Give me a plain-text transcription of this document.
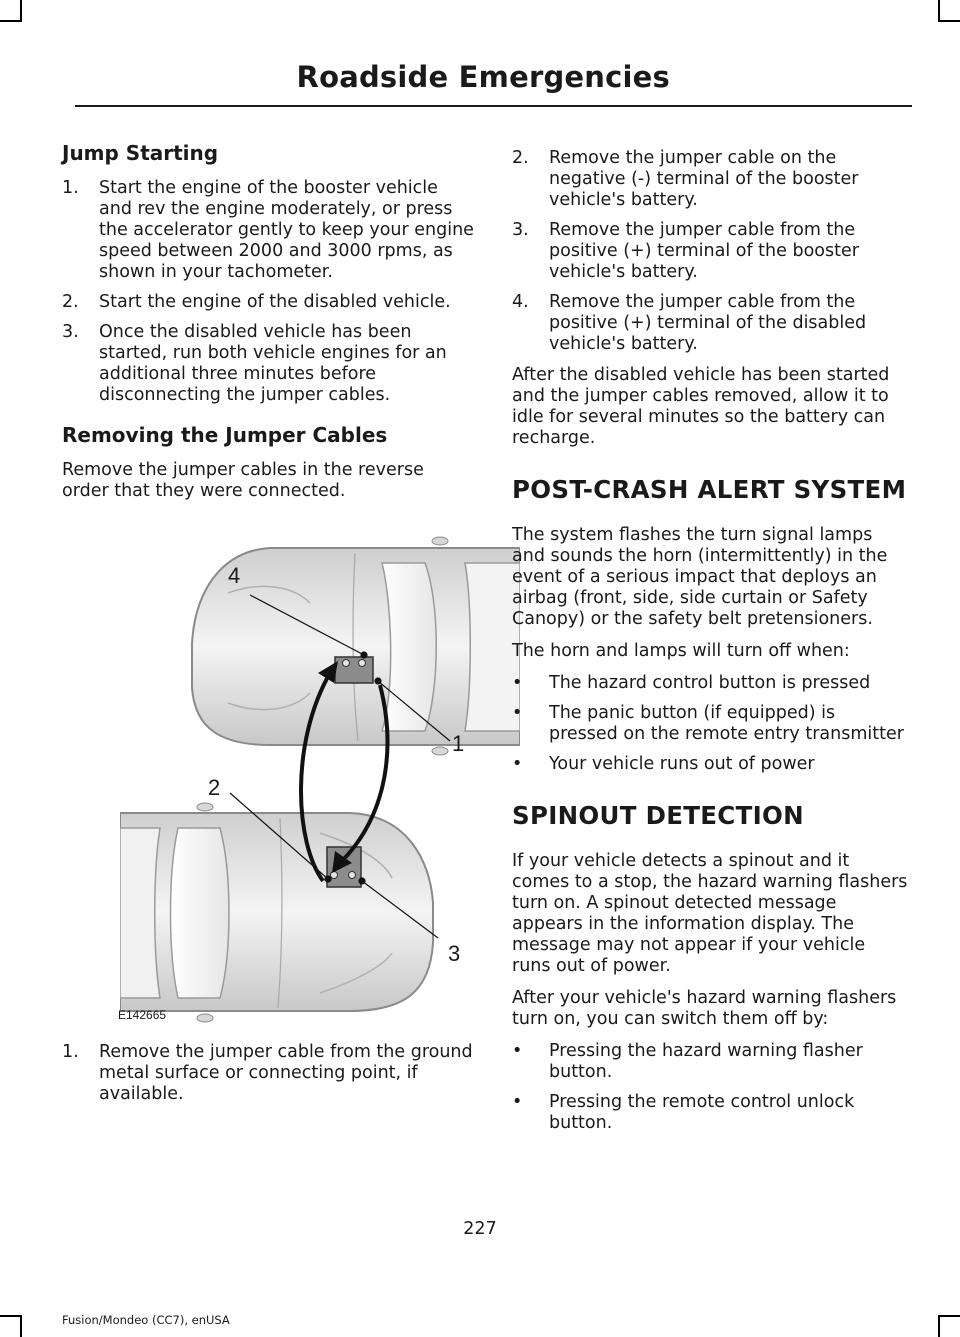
Roadside Emergencies
Jump Starting
1. Start the engine of the booster vehicle and rev the engine moderately, or press the accelerator gently to keep your engine speed between 2000 and 3000 rpms, as shown in your tachometer.
2. Start the engine of the disabled vehicle.
3. Once the disabled vehicle has been started, run both vehicle engines for an additional three minutes before disconnecting the jumper cables.
Removing the Jumper Cables

Remove the jumper cables in the reverse order that they were connected.

4
1
2
3
E142665
1. Remove the jumper cable from the ground metal surface or connecting point, if available.
2. Remove the jumper cable on the negative (-) terminal of the booster vehicle's battery.
3. Remove the jumper cable from the positive (+) terminal of the booster vehicle's battery.
4. Remove the jumper cable from the positive (+) terminal of the disabled vehicle's battery.

After the disabled vehicle has been started and the jumper cables removed, allow it to idle for several minutes so the battery can recharge.

POST-CRASH ALERT SYSTEM

The system flashes the turn signal lamps and sounds the horn (intermittently) in the event of a serious impact that deploys an airbag (front, side, side curtain or Safety Canopy) or the safety belt pretensioners.

The horn and lamps will turn off when:

• The hazard control button is pressed
• The panic button (if equipped) is pressed on the remote entry transmitter
• Your vehicle runs out of power
SPINOUT DETECTION

If your vehicle detects a spinout and it comes to a stop, the hazard warning flashers turn on. A spinout detected message appears in the information display. The message may not appear if your vehicle runs out of power.

After your vehicle's hazard warning flashers turn on, you can switch them off by:

• Pressing the hazard warning flasher button.
• Pressing the remote control unlock button.
227
Fusion/Mondeo (CC7), enUSA
